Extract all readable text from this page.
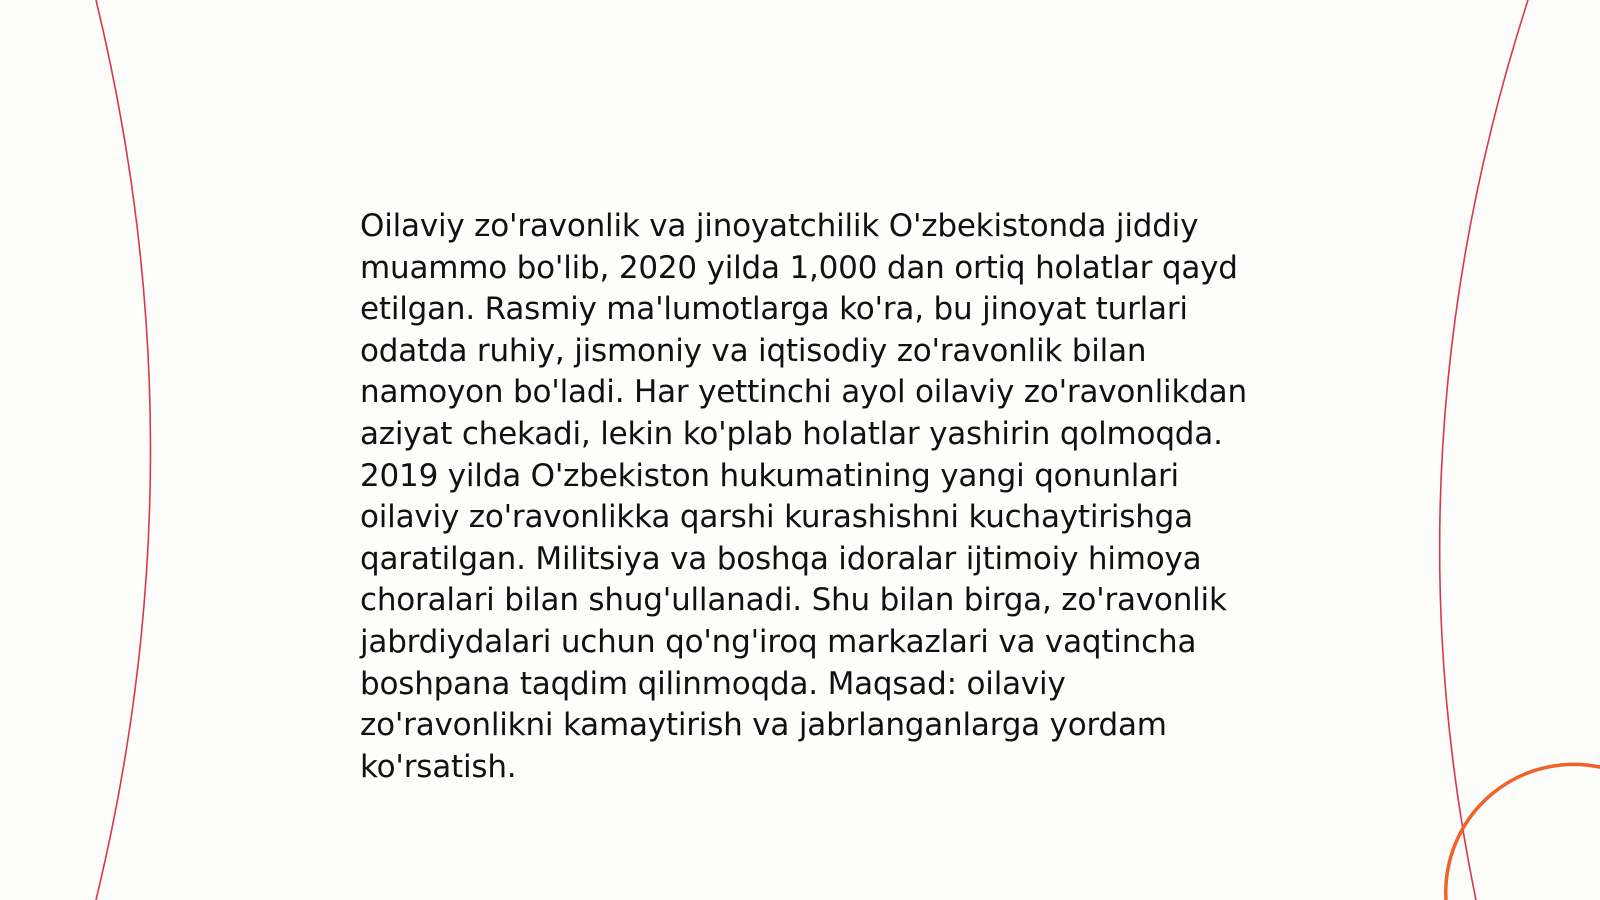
Oilaviy zo'ravonlik va jinoyatchilik O'zbekistonda jiddiy muammo bo'lib, 2020 yilda 1,000 dan ortiq holatlar qayd etilgan. Rasmiy ma'lumotlarga ko'ra, bu jinoyat turlari odatda ruhiy, jismoniy va iqtisodiy zo'ravonlik bilan namoyon bo'ladi. Har yettinchi ayol oilaviy zo'ravonlikdan aziyat chekadi, lekin ko'plab holatlar yashirin qolmoqda. 2019 yilda O'zbekiston hukumatining yangi qonunlari oilaviy zo'ravonlikka qarshi kurashishni kuchaytirishga qaratilgan. Militsiya va boshqa idoralar ijtimoiy himoya choralari bilan shug'ullanadi. Shu bilan birga, zo'ravonlik jabrdiydalari uchun qo'ng'iroq markazlari va vaqtincha boshpana taqdim qilinmoqda. Maqsad: oilaviy zo'ravonlikni kamaytirish va jabrlanganlarga yordam ko'rsatish.
